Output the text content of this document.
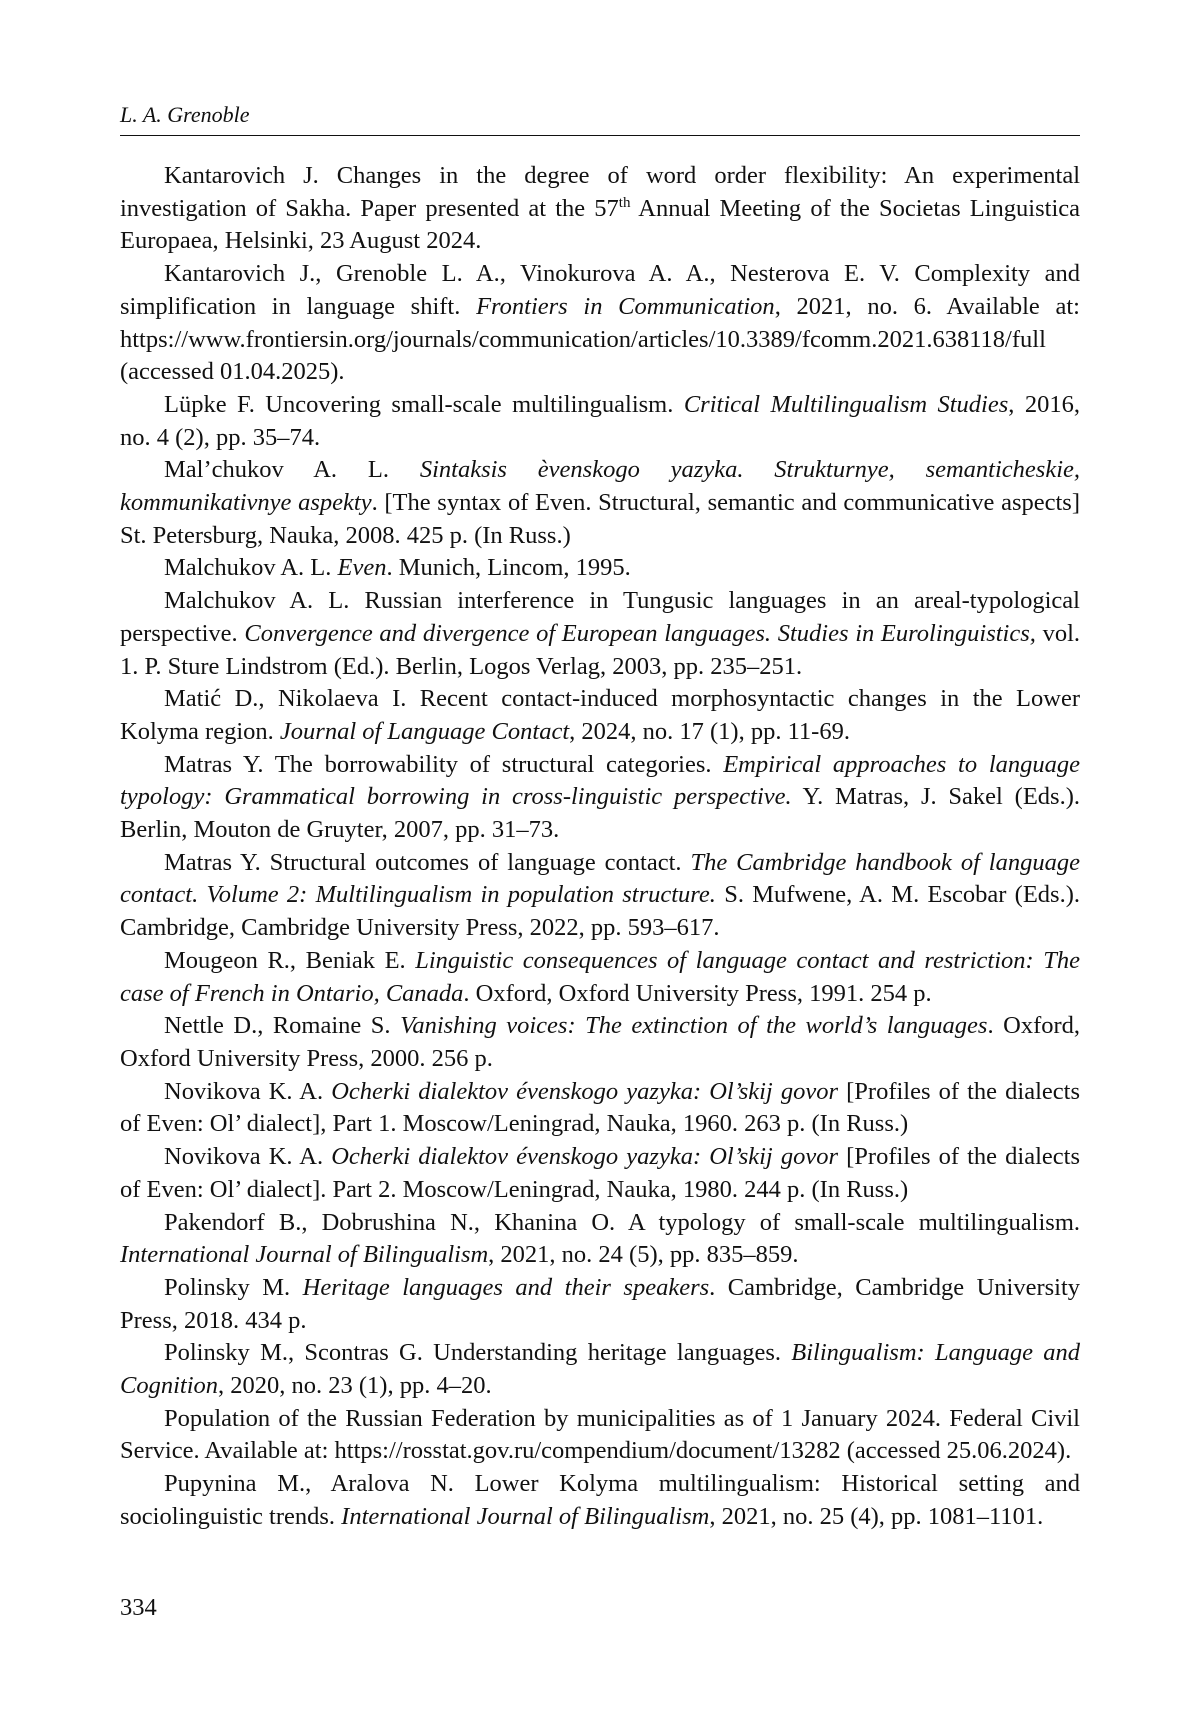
L. A. Grenoble

Kantarovich J. Changes in the degree of word order flexibility: An experimental investigation of Sakha. Paper presented at the 57th Annual Meeting of the Societas Linguistica Europaea, Helsinki, 23 August 2024.

Kantarovich J., Grenoble L. A., Vinokurova A. A., Nesterova E. V. Complexity and simplification in language shift. Frontiers in Communication, 2021, no. 6. Available at: https://www.frontiersin.org/journals/communication/articles/10.3389/fcomm.2021.638118/full (accessed 01.04.2025).

Lüpke F. Uncovering small-scale multilingualism. Critical Multilingualism Studies, 2016, no. 4 (2), pp. 35–74.

Mal’chukov A. L. Sintaksis èvenskogo yazyka. Strukturnye, semanticheskie, kommunikativnye aspekty. [The syntax of Even. Structural, semantic and communicative aspects] St. Petersburg, Nauka, 2008. 425 p. (In Russ.)

Malchukov A. L. Even. Munich, Lincom, 1995.

Malchukov A. L. Russian interference in Tungusic languages in an areal-typological perspective. Convergence and divergence of European languages. Studies in Eurolinguistics, vol. 1. P. Sture Lindstrom (Ed.). Berlin, Logos Verlag, 2003, pp. 235–251.

Matić D., Nikolaeva I. Recent contact-induced morphosyntactic changes in the Lower Kolyma region. Journal of Language Contact, 2024, no. 17 (1), pp. 11-69.

Matras Y. The borrowability of structural categories. Empirical approaches to language typology: Grammatical borrowing in cross-linguistic perspective. Y. Matras, J. Sakel (Eds.). Berlin, Mouton de Gruyter, 2007, pp. 31–73.

Matras Y. Structural outcomes of language contact. The Cambridge handbook of language contact. Volume 2: Multilingualism in population structure. S. Mufwene, A. M. Escobar (Eds.). Cambridge, Cambridge University Press, 2022, pp. 593–617.

Mougeon R., Beniak E. Linguistic consequences of language contact and restriction: The case of French in Ontario, Canada. Oxford, Oxford University Press, 1991. 254 p.

Nettle D., Romaine S. Vanishing voices: The extinction of the world’s languages. Oxford, Oxford University Press, 2000. 256 p.

Novikova K. A. Ocherki dialektov évenskogo yazyka: Ol’skij govor [Profiles of the dialects of Even: Ol’ dialect], Part 1. Moscow/Leningrad, Nauka, 1960. 263 p. (In Russ.)

Novikova K. A. Ocherki dialektov évenskogo yazyka: Ol’skij govor [Profiles of the dialects of Even: Ol’ dialect]. Part 2. Moscow/Leningrad, Nauka, 1980. 244 p. (In Russ.)

Pakendorf B., Dobrushina N., Khanina O. A typology of small-scale multilingualism. International Journal of Bilingualism, 2021, no. 24 (5), pp. 835–859.

Polinsky M. Heritage languages and their speakers. Cambridge, Cambridge University Press, 2018. 434 p.

Polinsky M., Scontras G. Understanding heritage languages. Bilingualism: Language and Cognition, 2020, no. 23 (1), pp. 4–20.

Population of the Russian Federation by municipalities as of 1 January 2024. Federal Civil Service. Available at: https://rosstat.gov.ru/compendium/document/13282 (accessed 25.06.2024).

Pupynina M., Aralova N. Lower Kolyma multilingualism: Historical setting and sociolinguistic trends. International Journal of Bilingualism, 2021, no. 25 (4), pp. 1081–1101.

334
